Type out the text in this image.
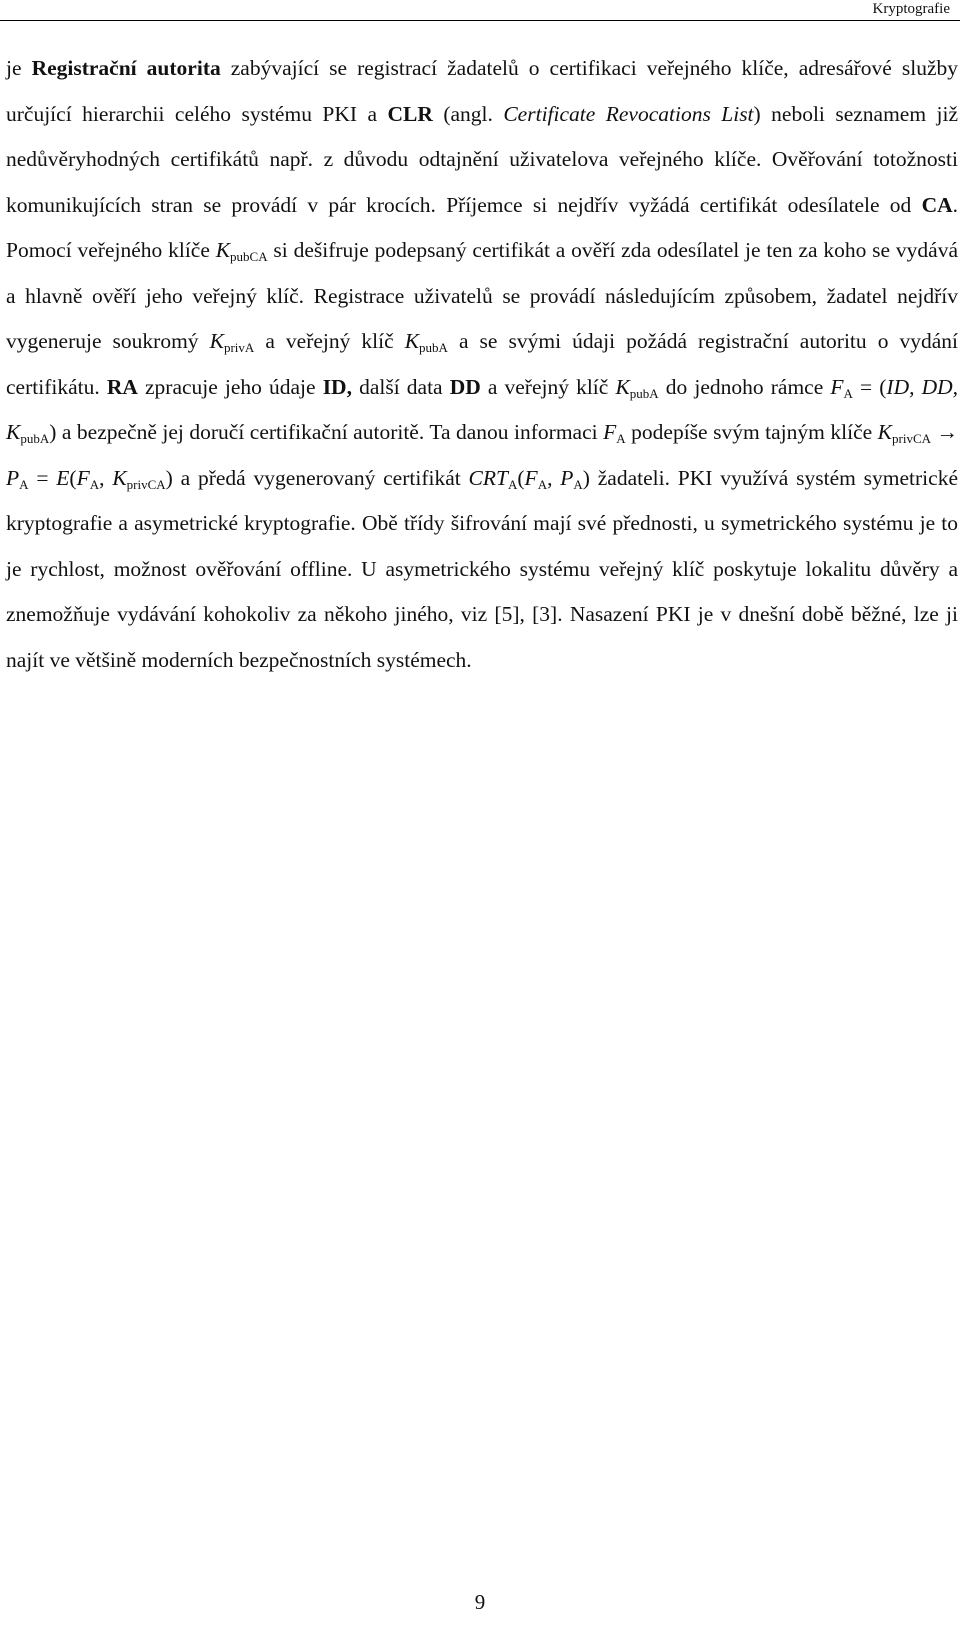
Kryptografie

je Registrační autorita zabývající se registrací žadatelů o certifikaci veřejného klíče, adresářové služby určující hierarchii celého systému PKI a CLR (angl. Certificate Revocations List) neboli seznamem již nedůvěryhodných certifikátů např. z důvodu odtajnění uživatelova veřejného klíče. Ověřování totožnosti komunikujících stran se provádí v pár krocích. Příjemce si nejdřív vyžádá certifikát odesílatele od CA. Pomocí veřejného klíče $K_{pubCA}$ si dešifruje podepsaný certifikát a ověří zda odesílatel je ten za koho se vydává a hlavně ověří jeho veřejný klíč. Registrace uživatelů se provádí následujícím způsobem, žadatel nejdřív vygeneruje soukromý $K_{privA}$ a veřejný klíč $K_{pubA}$ a se svými údaji požádá registrační autoritu o vydání certifikátu. RA zpracuje jeho údaje ID, další data DD a veřejný klíč $K_{pubA}$ do jednoho rámce $F_A = (ID$, DD, $K_{pubA}$) a bezpečně jej doručí certifikační autoritě. Ta danou informaci $F_A$ podepíše svým tajným klíče $K_{privCA} \to P_A = E(F_A$, $K_{privCA}$) a předá vygenerovaný certifikát $CRT_A(F_A$, $P_A$) žadateli. PKI využívá systém symetrické kryptografie a asymetrické kryptografie. Obě třídy šifrování mají své přednosti, u symetrického systému je to je rychlost, možnost ověřování offline. U asymetrického systému veřejný klíč poskytuje lokalitu důvěry a znemožňuje vydávání kohokoliv za někoho jiného, viz [5], [3]. Nasazení PKI je v dnešní době běžné, lze ji najít ve většině moderních bezpečnostních systémech.

9
